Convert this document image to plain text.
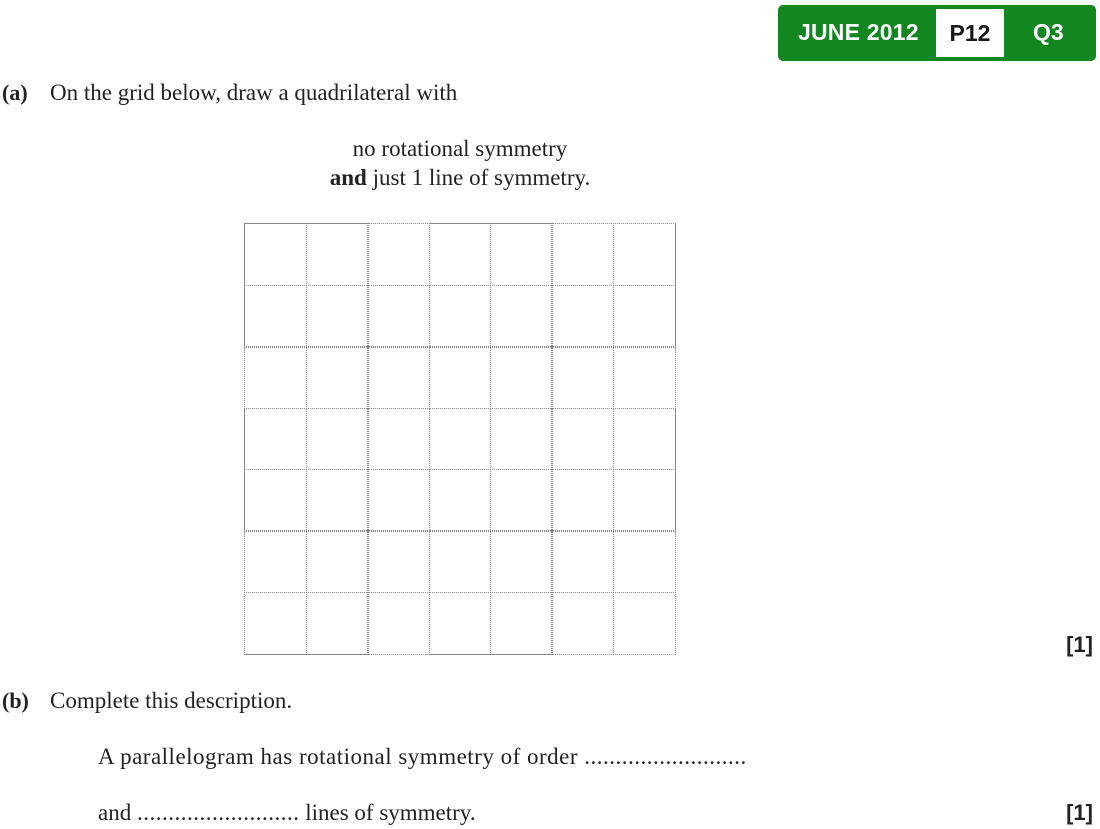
JUNE 2012	P12	Q3
(a) On the grid below, draw a quadrilateral with
no rotational symmetry
and just 1 line of symmetry.
[1]
(b) Complete this description.
A parallelogram has rotational symmetry of order ..........................
and .......................... lines of symmetry.	[1]
